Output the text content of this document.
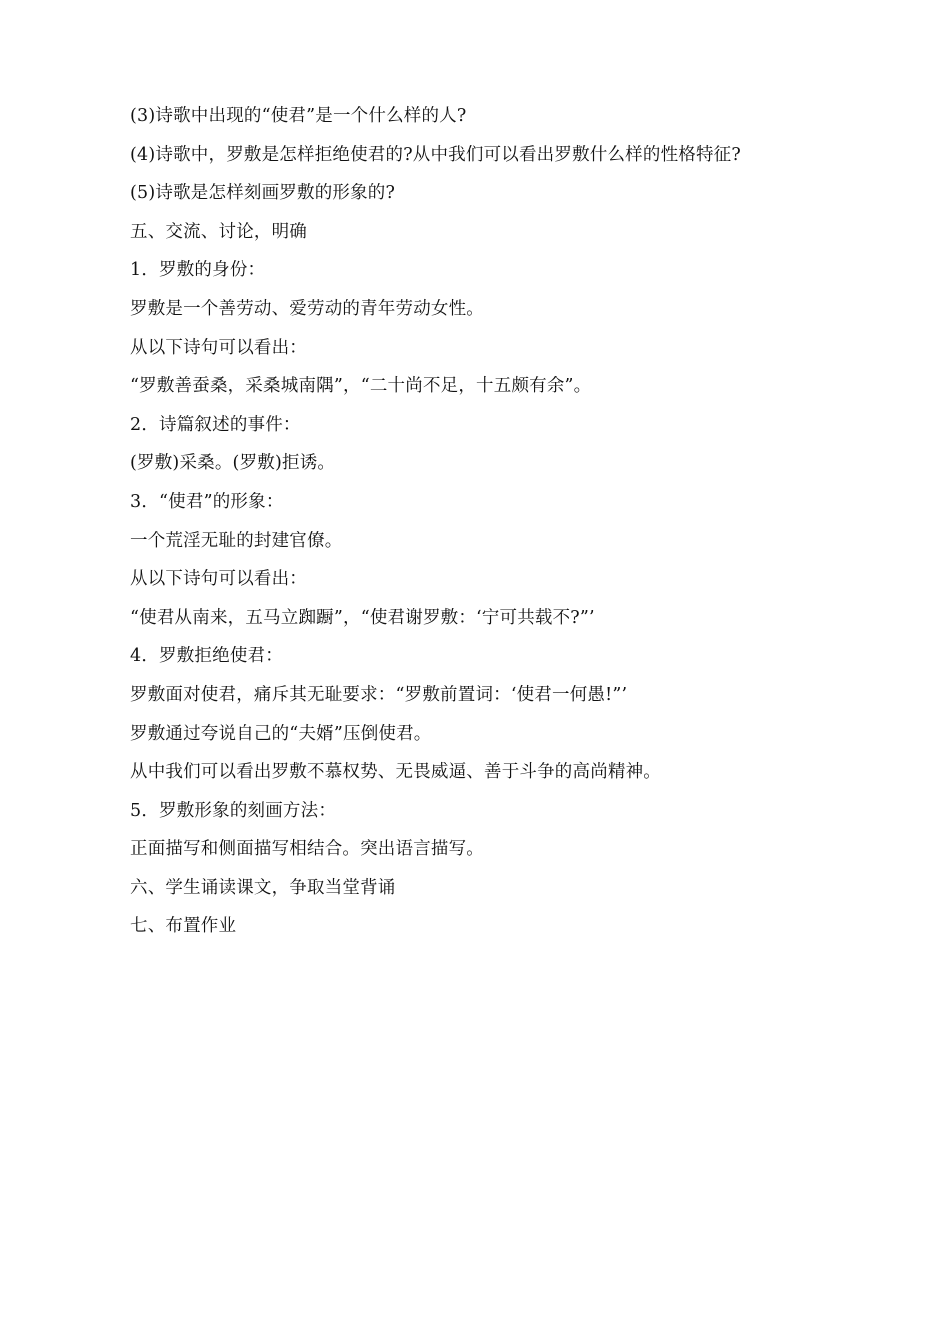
(3)诗歌中出现的“使君”是一个什么样的人?
(4)诗歌中，罗敷是怎样拒绝使君的?从中我们可以看出罗敷什么样的性格特征?
(5)诗歌是怎样刻画罗敷的形象的?
五、交流、讨论，明确
1．罗敷的身份：
罗敷是一个善劳动、爱劳动的青年劳动女性。
从以下诗句可以看出：
“罗敷善蚕桑，采桑城南隅”，“二十尚不足，十五颇有余”。
2．诗篇叙述的事件：
(罗敷)采桑。(罗敷)拒诱。
3．“使君”的形象：
一个荒淫无耻的封建官僚。
从以下诗句可以看出：
“使君从南来，五马立踟蹰”，“使君谢罗敷：‘宁可共载不?”’
4．罗敷拒绝使君：
罗敷面对使君，痛斥其无耻要求：“罗敷前置词：‘使君一何愚!”’
罗敷通过夸说自己的“夫婿”压倒使君。
从中我们可以看出罗敷不慕权势、无畏威逼、善于斗争的高尚精神。
5．罗敷形象的刻画方法：
正面描写和侧面描写相结合。突出语言描写。
六、学生诵读课文，争取当堂背诵
七、布置作业
